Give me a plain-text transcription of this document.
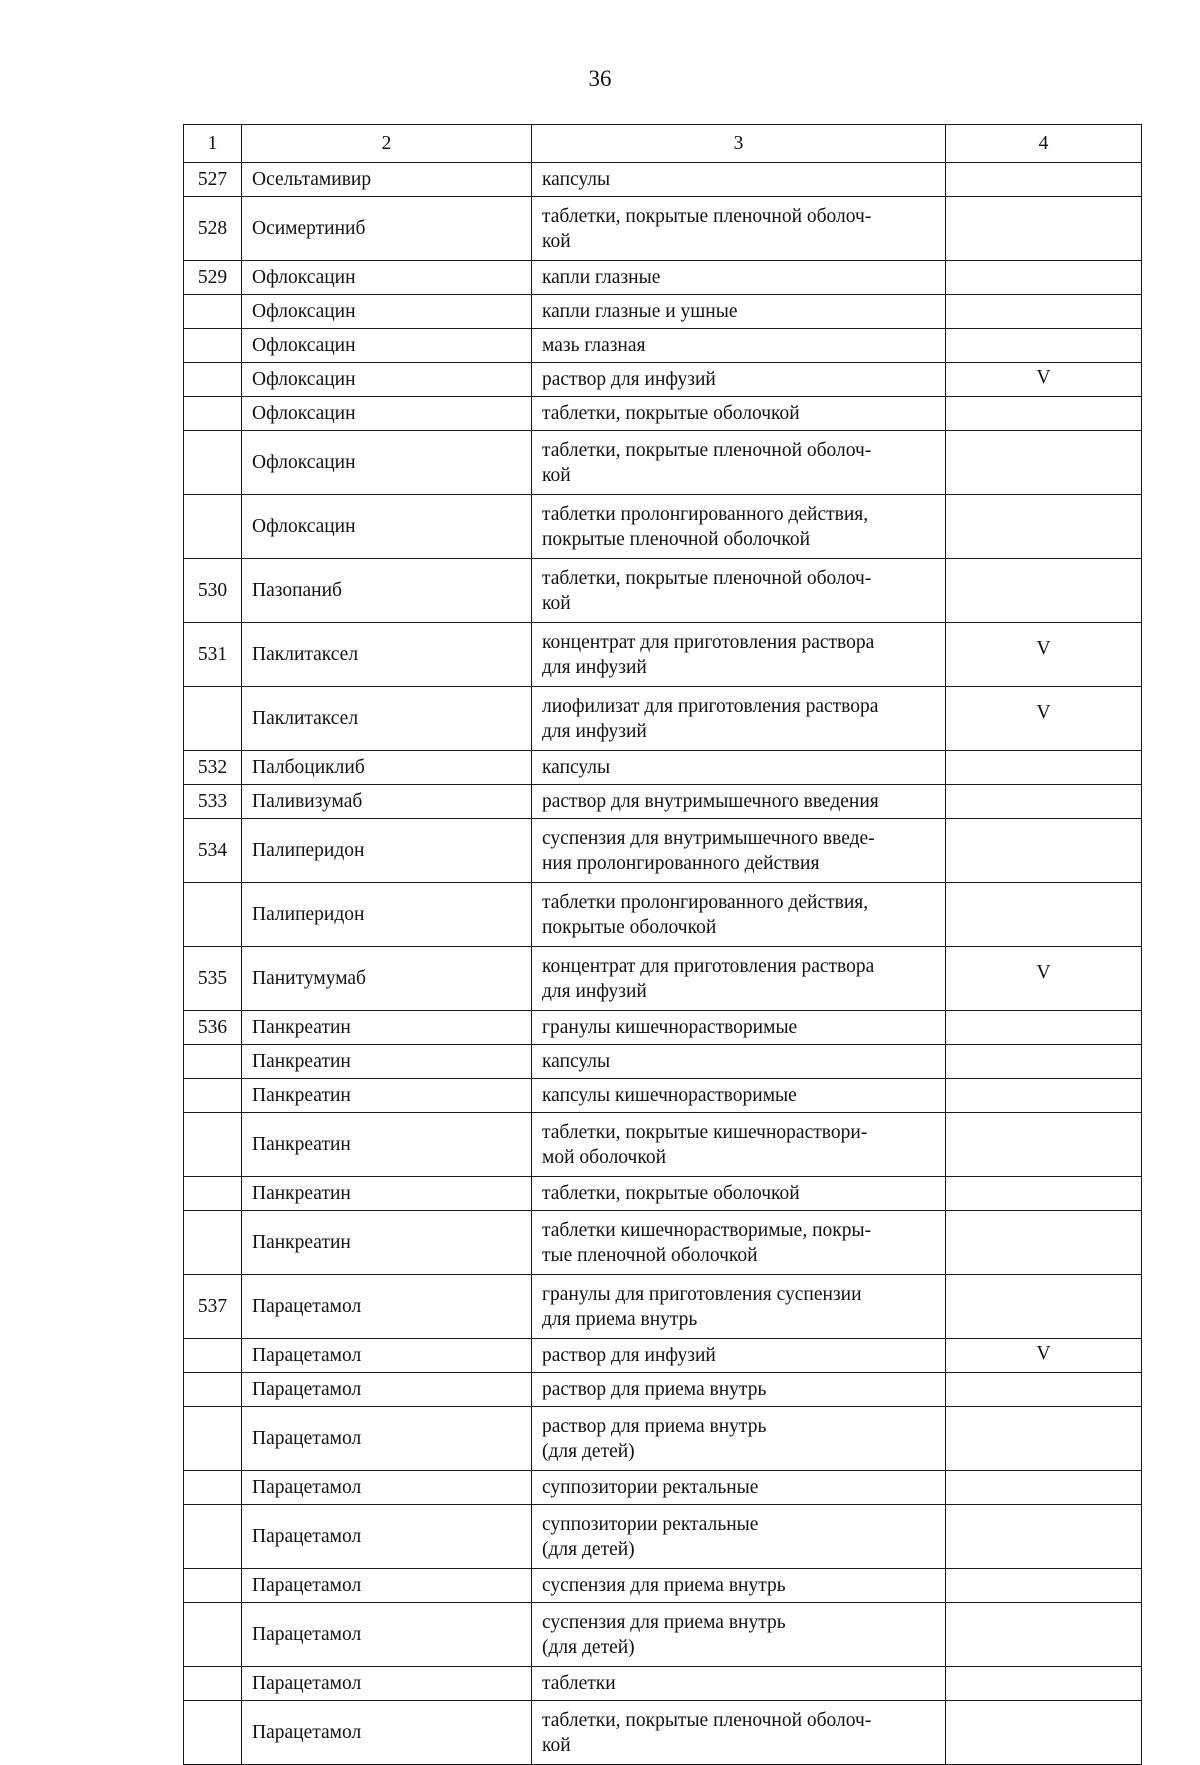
36
1	2	3	4
527	Осельтамивир	капсулы	
528	Осимертиниб	таблетки, покрытые пленочной оболоч-
кой	
529	Офлоксацин	капли глазные	
	Офлоксацин	капли глазные и ушные	
	Офлоксацин	мазь глазная	
	Офлоксацин	раствор для инфузий	V
	Офлоксацин	таблетки, покрытые оболочкой	
	Офлоксацин	таблетки, покрытые пленочной оболоч-
кой	
	Офлоксацин	таблетки пролонгированного действия,
покрытые пленочной оболочкой	
530	Пазопаниб	таблетки, покрытые пленочной оболоч-
кой	
531	Паклитаксел	концентрат для приготовления раствора
для инфузий	V
	Паклитаксел	лиофилизат для приготовления раствора
для инфузий	V
532	Палбоциклиб	капсулы	
533	Паливизумаб	раствор для внутримышечного введения	
534	Палиперидон	суспензия для внутримышечного введе-
ния пролонгированного действия	
	Палиперидон	таблетки пролонгированного действия,
покрытые оболочкой	
535	Панитумумаб	концентрат для приготовления раствора
для инфузий	V
536	Панкреатин	гранулы кишечнорастворимые	
	Панкреатин	капсулы	
	Панкреатин	капсулы кишечнорастворимые	
	Панкреатин	таблетки, покрытые кишечнораствори-
мой оболочкой	
	Панкреатин	таблетки, покрытые оболочкой	
	Панкреатин	таблетки кишечнорастворимые, покры-
тые пленочной оболочкой	
537	Парацетамол	гранулы для приготовления суспензии
для приема внутрь	
	Парацетамол	раствор для инфузий	V
	Парацетамол	раствор для приема внутрь	
	Парацетамол	раствор для приема внутрь
(для детей)	
	Парацетамол	суппозитории ректальные	
	Парацетамол	суппозитории ректальные
(для детей)	
	Парацетамол	суспензия для приема внутрь	
	Парацетамол	суспензия для приема внутрь
(для детей)	
	Парацетамол	таблетки	
	Парацетамол	таблетки, покрытые пленочной оболоч-
кой	
